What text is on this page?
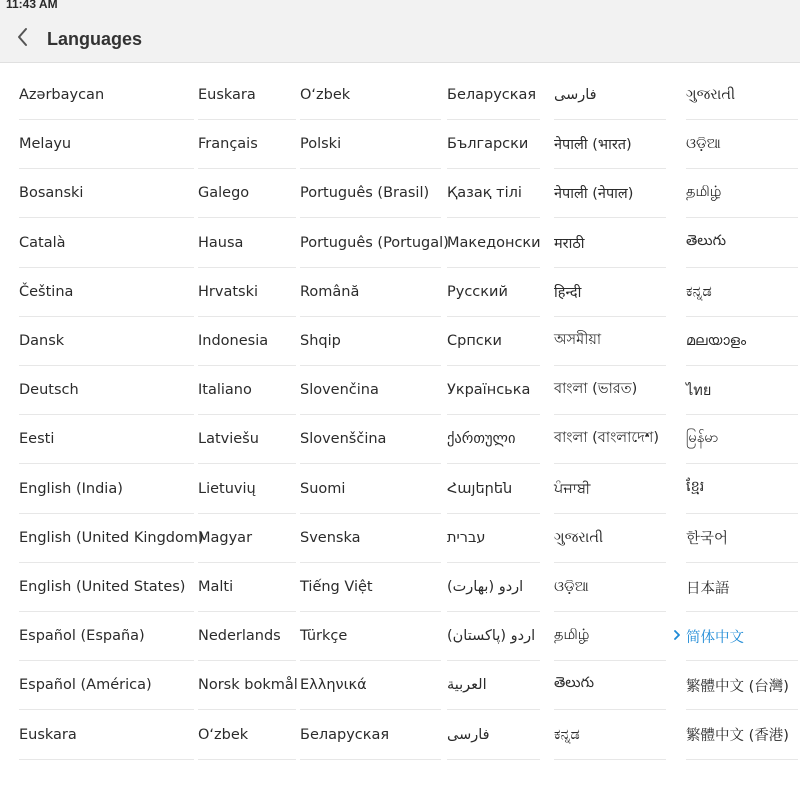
11:43 AM
Languages
Azərbaycan
Melayu
Bosanski
Català
Čeština
Dansk
Deutsch
Eesti
English (India)
English (United Kingdom)
English (United States)
Español (España)
Español (América)
Euskara
Euskara
Français
Galego
Hausa
Hrvatski
Indonesia
Italiano
Latviešu
Lietuvių
Magyar
Malti
Nederlands
Norsk bokmål
O‘zbek
O‘zbek
Polski
Português (Brasil)
Português (Portugal)
Română
Shqip
Slovenčina
Slovenščina
Suomi
Svenska
Tiếng Việt
Türkçe
Ελληνικά
Беларуская
Беларуская
Български
Қазақ тілі
Македонски
Русский
Српски
Українська
ქართული
Հայերեն
עברית
اردو (بھارت)
اردو (پاکستان)
العربية
فارسی
فارسی
नेपाली (भारत)
नेपाली (नेपाल)
मराठी
हिन्दी
অসমীয়া
বাংলা (ভারত)
বাংলা (বাংলাদেশ)
ਪੰਜਾਬੀ
ગુજરાતી
ଓଡ଼ିଆ
தமிழ்
తెలుగు
ಕನ್ನಡ
ગુજરાતી
ଓଡ଼ିଆ
தமிழ்
తెలుగు
ಕನ್ನಡ
മലയാളം
ไทย
မြန်မာ
ខ្មែរ
한국어
日本語
简体中文
繁體中文 (台灣)
繁體中文 (香港)
